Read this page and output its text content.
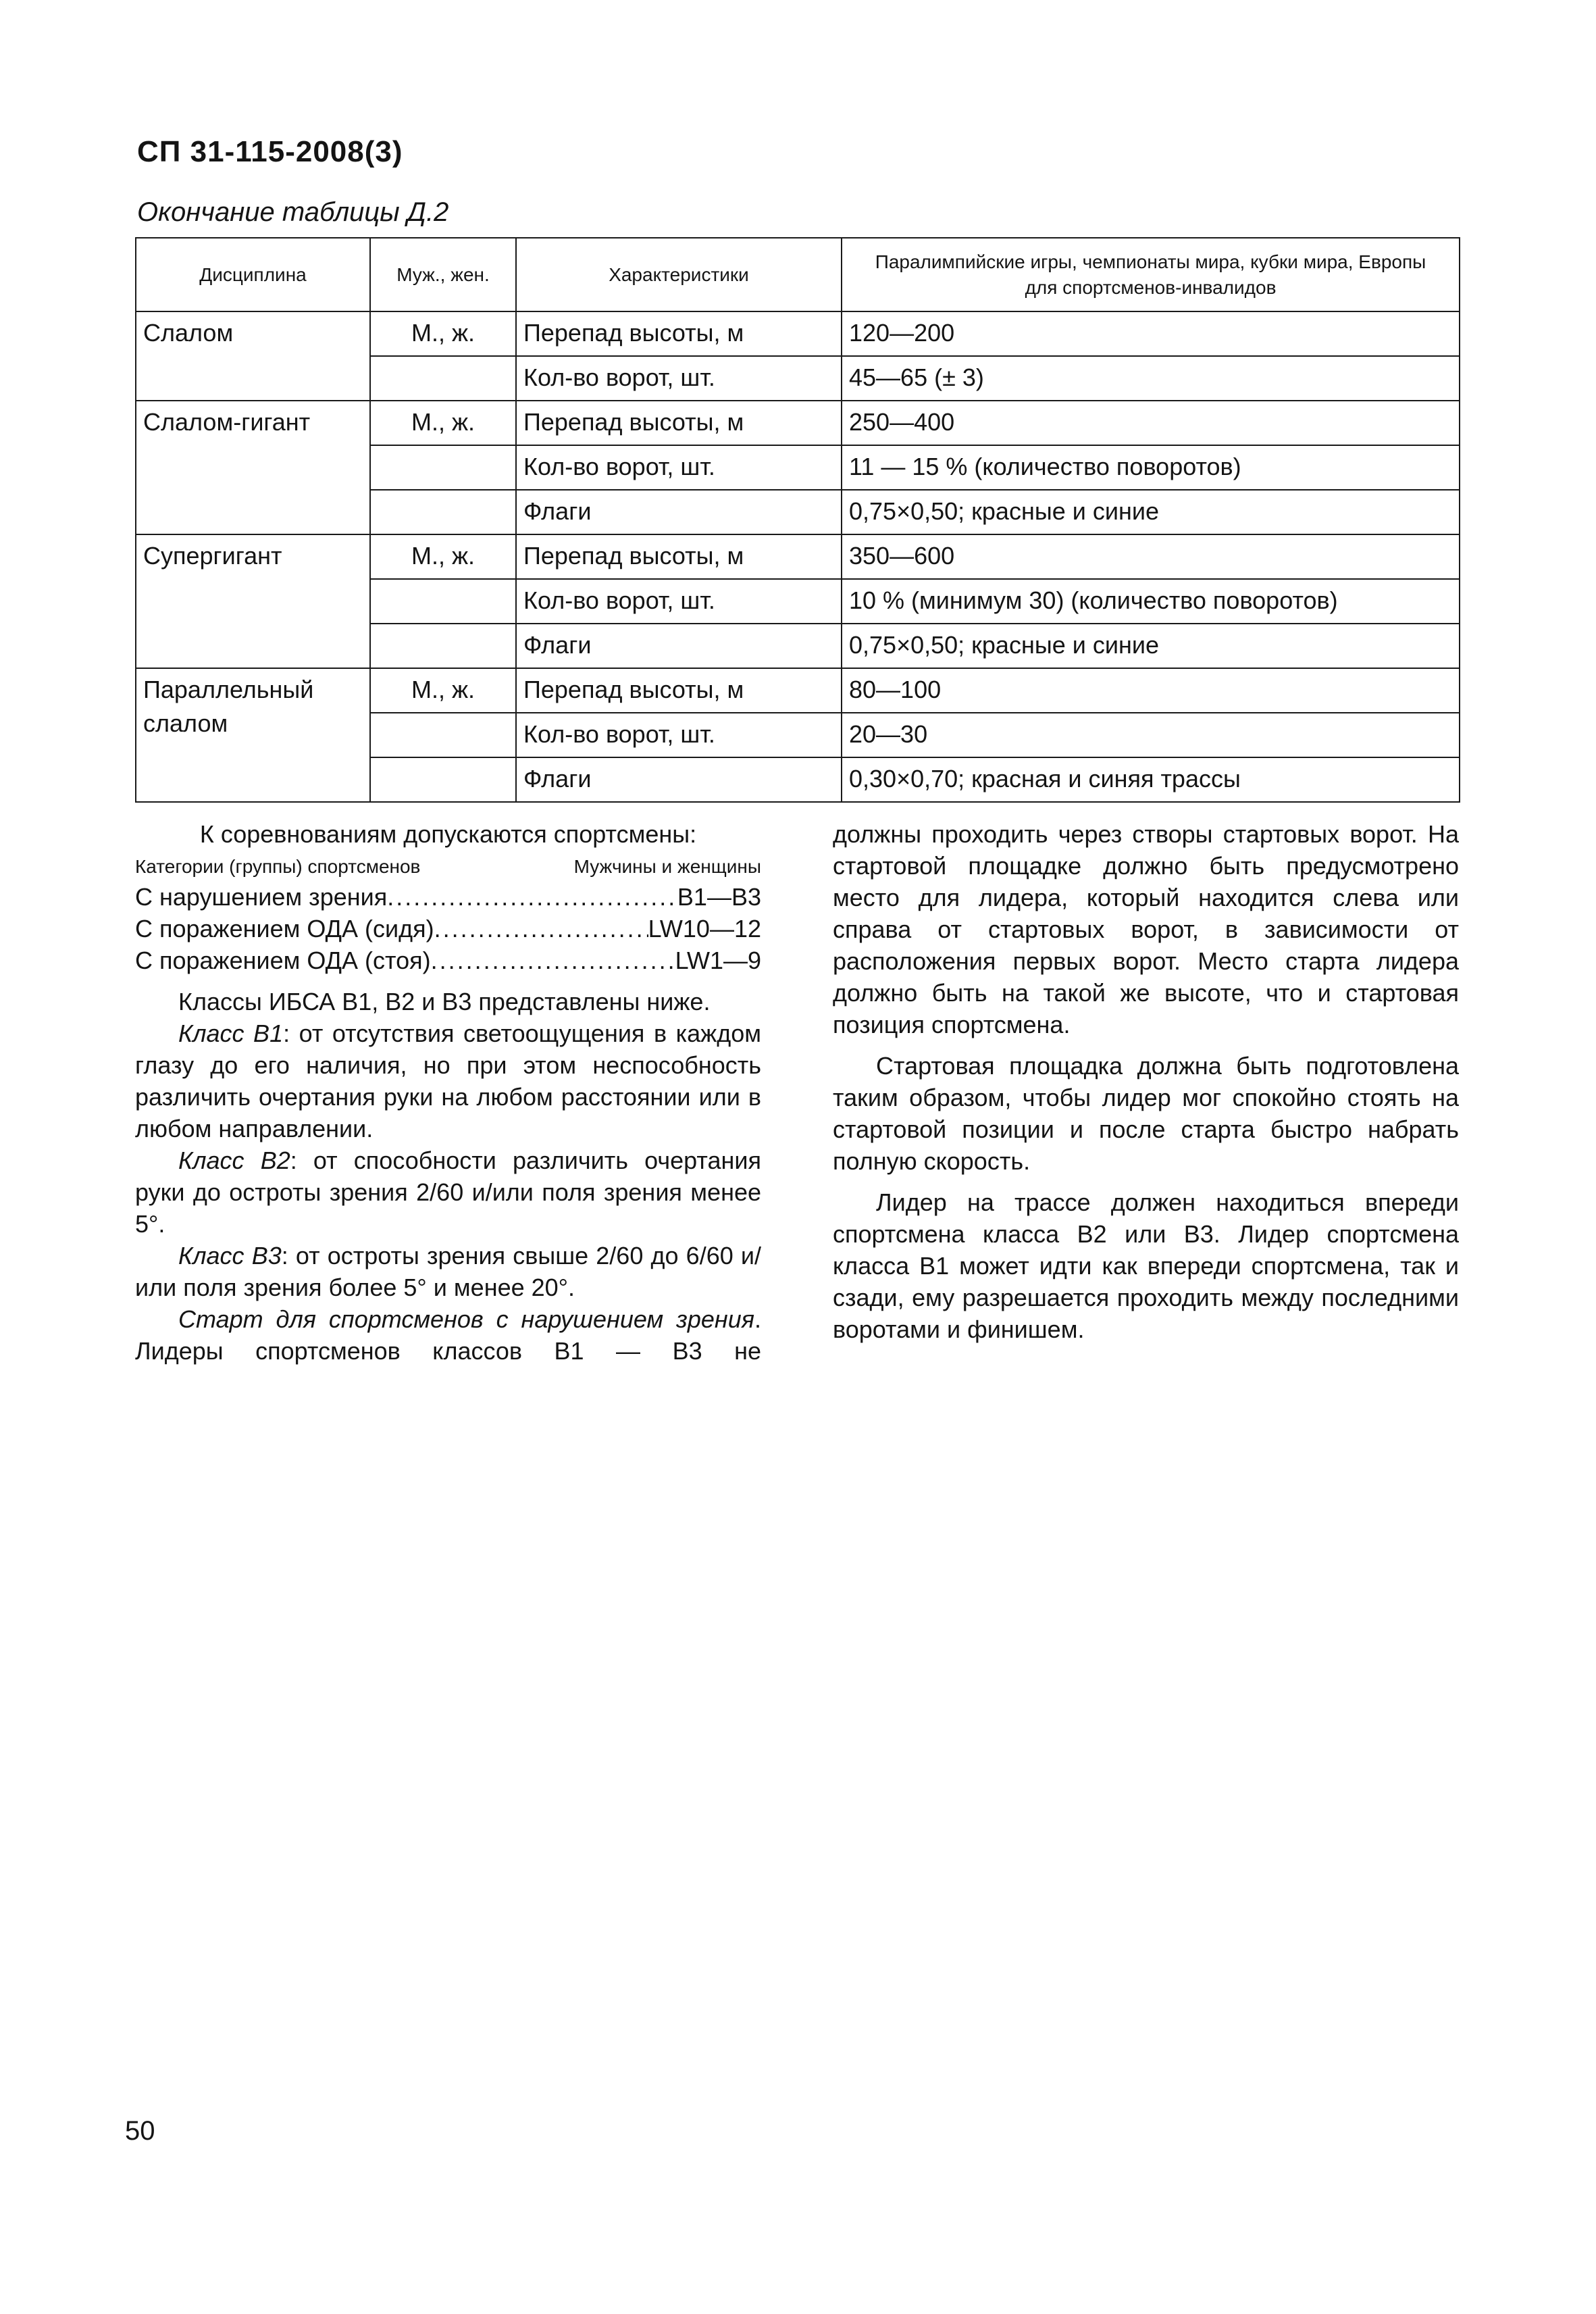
СП 31-115-2008(3)
Окончание таблицы Д.2
Дисциплина	Муж., жен.	Характеристики	Паралимпийские игры, чемпионаты мира, кубки мира, Европы для спортсменов-инвалидов
Слалом	М., ж.	Перепад высоты, м	120—200
		Кол-во ворот, шт.	45—65 (± 3)
Слалом-гигант	М., ж.	Перепад высоты, м	250—400
		Кол-во ворот, шт.	11 — 15 % (количество поворотов)
		Флаги	0,75×0,50; красные и синие
Супергигант	М., ж.	Перепад высоты, м	350—600
		Кол-во ворот, шт.	10 % (минимум 30) (количество поворотов)
		Флаги	0,75×0,50; красные и синие
Параллельный слалом	М., ж.	Перепад высоты, м	80—100
		Кол-во ворот, шт.	20—30
		Флаги	0,30×0,70; красная и синяя трассы

К соревнованиям допускаются спортсмены:

Категории (группы) спортсменов	Мужчины и женщины
С нарушением зрения .....	B1—B3
С поражением ОДА (сидя) .....	LW10—12
С поражением ОДА (стоя) .....	LW1—9

Классы ИБСА B1, B2 и B3 представлены ниже.

Класс B1: от отсутствия светоощущения в каждом глазу до его наличия, но при этом неспособность различить очертания руки на любом расстоянии или в любом направлении.

Класс B2: от способности различить очертания руки до остроты зрения 2/60 и/или поля зрения менее 5°.

Класс B3: от остроты зрения свыше 2/60 до 6/60 и/или поля зрения более 5° и менее 20°.

Старт для спортсменов с нарушением зрения. Лидеры спортсменов классов B1 — B3 не

должны проходить через створы стартовых ворот. На стартовой площадке должно быть предусмотрено место для лидера, который находится слева или справа от стартовых ворот, в зависимости от расположения первых ворот. Место старта лидера должно быть на такой же высоте, что и стартовая позиция спортсмена.

Стартовая площадка должна быть подготовлена таким образом, чтобы лидер мог спокойно стоять на стартовой позиции и после старта быстро набрать полную скорость.

Лидер на трассе должен находиться впереди спортсмена класса B2 или B3. Лидер спортсмена класса B1 может идти как впереди спортсмена, так и сзади, ему разрешается проходить между последними воротами и финишем.

50
